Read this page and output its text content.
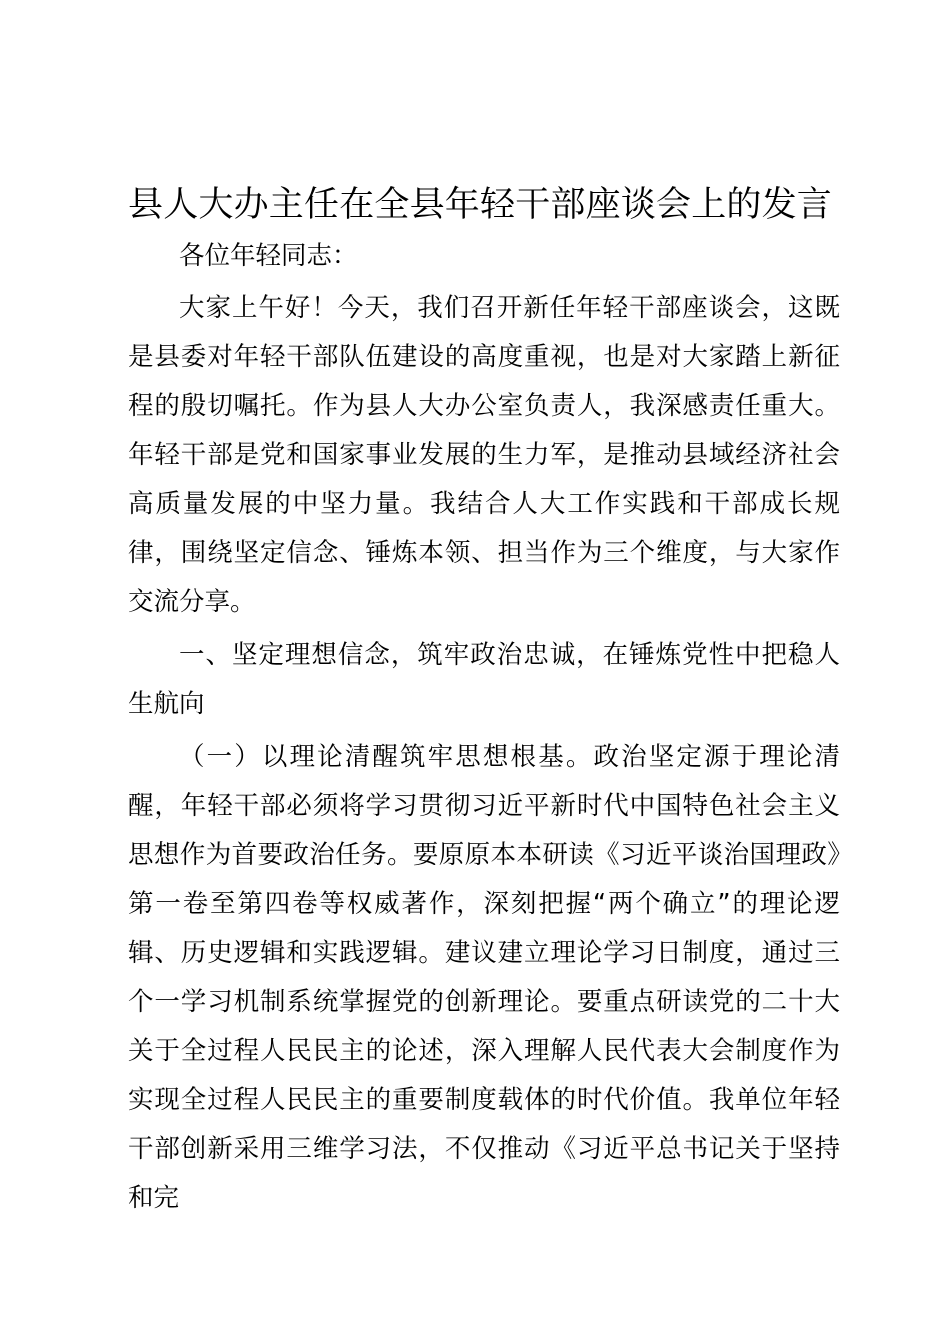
县人大办主任在全县年轻干部座谈会上的发言

各位年轻同志：

大家上午好！今天，我们召开新任年轻干部座谈会，这既是县委对年轻干部队伍建设的高度重视，也是对大家踏上新征程的殷切嘱托。作为县人大办公室负责人，我深感责任重大。年轻干部是党和国家事业发展的生力军，是推动县域经济社会高质量发展的中坚力量。我结合人大工作实践和干部成长规律，围绕坚定信念、锤炼本领、担当作为三个维度，与大家作交流分享。

一、坚定理想信念，筑牢政治忠诚，在锤炼党性中把稳人生航向

（一）以理论清醒筑牢思想根基。政治坚定源于理论清醒，年轻干部必须将学习贯彻习近平新时代中国特色社会主义思想作为首要政治任务。要原原本本研读《习近平谈治国理政》第一卷至第四卷等权威著作，深刻把握“两个确立”的理论逻辑、历史逻辑和实践逻辑。建议建立理论学习日制度，通过三个一学习机制系统掌握党的创新理论。要重点研读党的二十大关于全过程人民民主的论述，深入理解人民代表大会制度作为实现全过程人民民主的重要制度载体的时代价值。我单位年轻干部创新采用三维学习法，不仅推动《习近平总书记关于坚持和完
